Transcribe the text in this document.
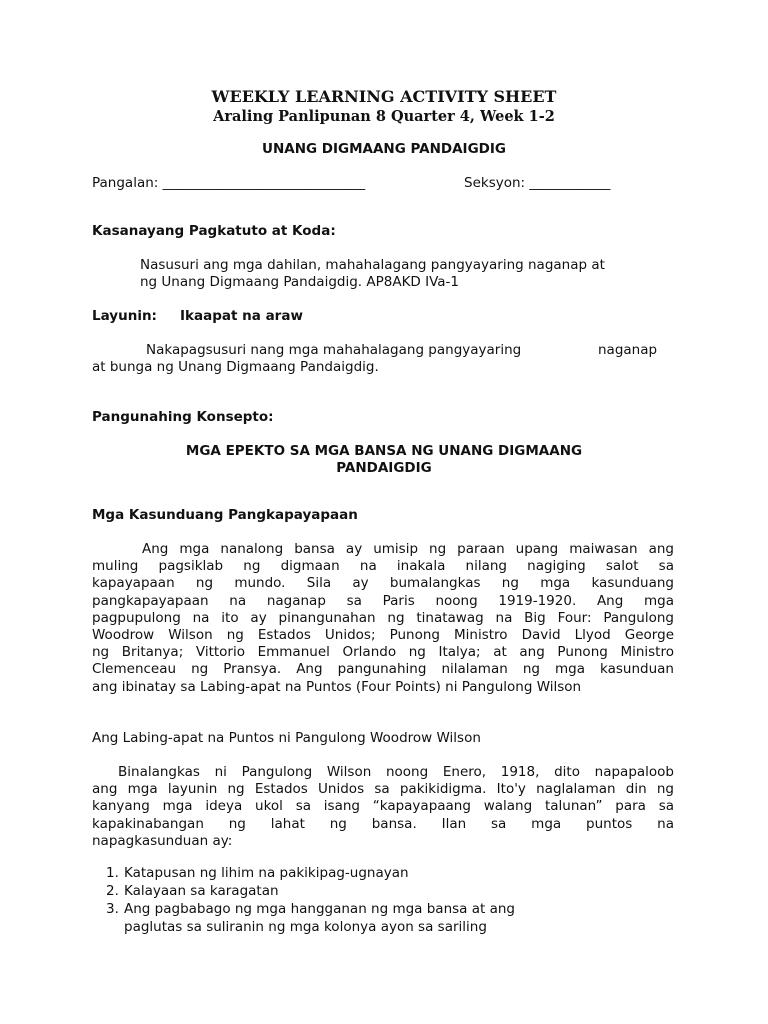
WEEKLY LEARNING ACTIVITY SHEET
Araling Panlipunan 8 Quarter 4, Week 1-2
UNANG DIGMAANG PANDAIGDIG
Pangalan: ______________________________	Seksyon: ____________
Kasanayang Pagkatuto at Koda:
Nasusuri ang mga dahilan, mahahalagang pangyayaring naganap at
ng Unang Digmaang Pandaigdig. AP8AKD IVa-1
Layunin: Ikaapat na araw
Nakapagsusuri nang mga mahahalagang pangyayaring	naganap
at bunga ng Unang Digmaang Pandaigdig.
Pangunahing Konsepto:
MGA EPEKTO SA MGA BANSA NG UNANG DIGMAANG
PANDAIGDIG
Mga Kasunduang Pangkapayapaan
Ang mga nanalong bansa ay umisip ng paraan upang maiwasan ang
muling pagsiklab ng digmaan na inakala nilang nagiging salot sa
kapayapaan ng mundo. Sila ay bumalangkas ng mga kasunduang
pangkapayapaan na naganap sa Paris noong 1919-1920. Ang mga
pagpupulong na ito ay pinangunahan ng tinatawag na Big Four: Pangulong
Woodrow Wilson ng Estados Unidos; Punong Ministro David Llyod George
ng Britanya; Vittorio Emmanuel Orlando ng Italya; at ang Punong Ministro
Clemenceau ng Pransya. Ang pangunahing nilalaman ng mga kasunduan
ang ibinatay sa Labing-apat na Puntos (Four Points) ni Pangulong Wilson
Ang Labing-apat na Puntos ni Pangulong Woodrow Wilson
Binalangkas ni Pangulong Wilson noong Enero, 1918, dito napapaloob
ang mga layunin ng Estados Unidos sa pakikidigma. Ito'y naglalaman din ng
kanyang mga ideya ukol sa isang “kapayapaang walang talunan” para sa
kapakinabangan ng lahat ng bansa. Ilan sa mga puntos na
napagkasunduan ay:
1. Katapusan ng lihim na pakikipag-ugnayan
2. Kalayaan sa karagatan
3. Ang pagbabago ng mga hangganan ng mga bansa at ang
paglutas sa suliranin ng mga kolonya ayon sa sariling
